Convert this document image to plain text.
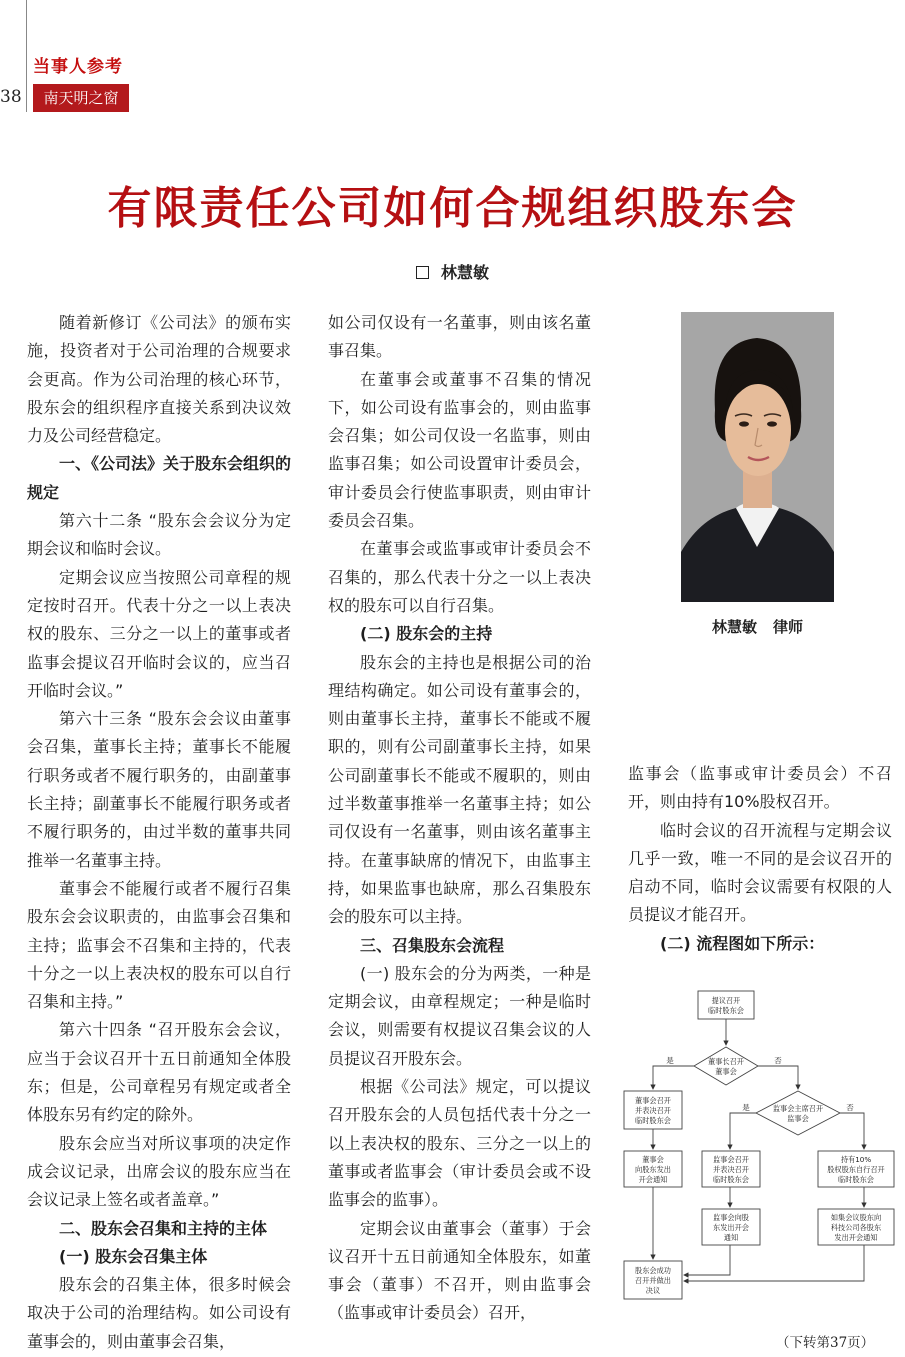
38
当事人参考
南天明之窗
有限责任公司如何合规组织股东会
林慧敏

随着新修订《公司法》的颁布实施，投资者对于公司治理的合规要求会更高。作为公司治理的核心环节，股东会的组织程序直接关系到决议效力及公司经营稳定。

一、《公司法》关于股东会组织的规定

第六十二条 “股东会会议分为定期会议和临时会议。

定期会议应当按照公司章程的规定按时召开。代表十分之一以上表决权的股东、三分之一以上的董事或者监事会提议召开临时会议的，应当召开临时会议。”

第六十三条 “股东会会议由董事会召集，董事长主持；董事长不能履行职务或者不履行职务的，由副董事长主持；副董事长不能履行职务或者不履行职务的，由过半数的董事共同推举一名董事主持。

董事会不能履行或者不履行召集股东会会议职责的，由监事会召集和主持；监事会不召集和主持的，代表十分之一以上表决权的股东可以自行召集和主持。”

第六十四条 “召开股东会会议，应当于会议召开十五日前通知全体股东；但是，公司章程另有规定或者全体股东另有约定的除外。

股东会应当对所议事项的决定作成会议记录，出席会议的股东应当在会议记录上签名或者盖章。”

二、股东会召集和主持的主体

(一) 股东会召集主体

股东会的召集主体，很多时候会取决于公司的治理结构。如公司设有董事会的，则由董事会召集，

如公司仅设有一名董事，则由该名董事召集。

在董事会或董事不召集的情况下，如公司设有监事会的，则由监事会召集；如公司仅设一名监事，则由监事召集；如公司设置审计委员会，审计委员会行使监事职责，则由审计委员会召集。

在董事会或监事或审计委员会不召集的，那么代表十分之一以上表决权的股东可以自行召集。

(二) 股东会的主持

股东会的主持也是根据公司的治理结构确定。如公司设有董事会的，则由董事长主持，董事长不能或不履职的，则有公司副董事长主持，如果公司副董事长不能或不履职的，则由过半数董事推举一名董事主持；如公司仅设有一名董事，则由该名董事主持。在董事缺席的情况下，由监事主持，如果监事也缺席，那么召集股东会的股东可以主持。

三、召集股东会流程

(一) 股东会的分为两类，一种是定期会议，由章程规定；一种是临时会议，则需要有权提议召集会议的人员提议召开股东会。

根据《公司法》规定，可以提议召开股东会的人员包括代表十分之一以上表决权的股东、三分之一以上的董事或者监事会（审计委员会或不设监事会的监事）。

定期会议由董事会（董事）于会议召开十五日前通知全体股东，如董事会（董事）不召开，则由监事会（监事或审计委员会）召开，

林慧敏 律师

监事会（监事或审计委员会）不召开，则由持有10%股权召开。

临时会议的召开流程与定期会议几乎一致，唯一不同的是会议召开的启动不同，临时会议需要有权限的人员提议才能召开。

(二) 流程图如下所示：

提议召开
临时股东会
董事长召开
董事会
董事会召开
并表决召开
临时股东会
董事会
向股东发出
开会通知
监事会主席召开
监事会
监事会召开
并表决召开
临时股东会
监事会向股
东发出开会
通知
持有10%
股权股东自行召开
临时股东会
如集会议股东向
科技公司各股东
发出开会通知
股东会成功
召开并做出
决议
是	否
是	否
（下转第37页）
